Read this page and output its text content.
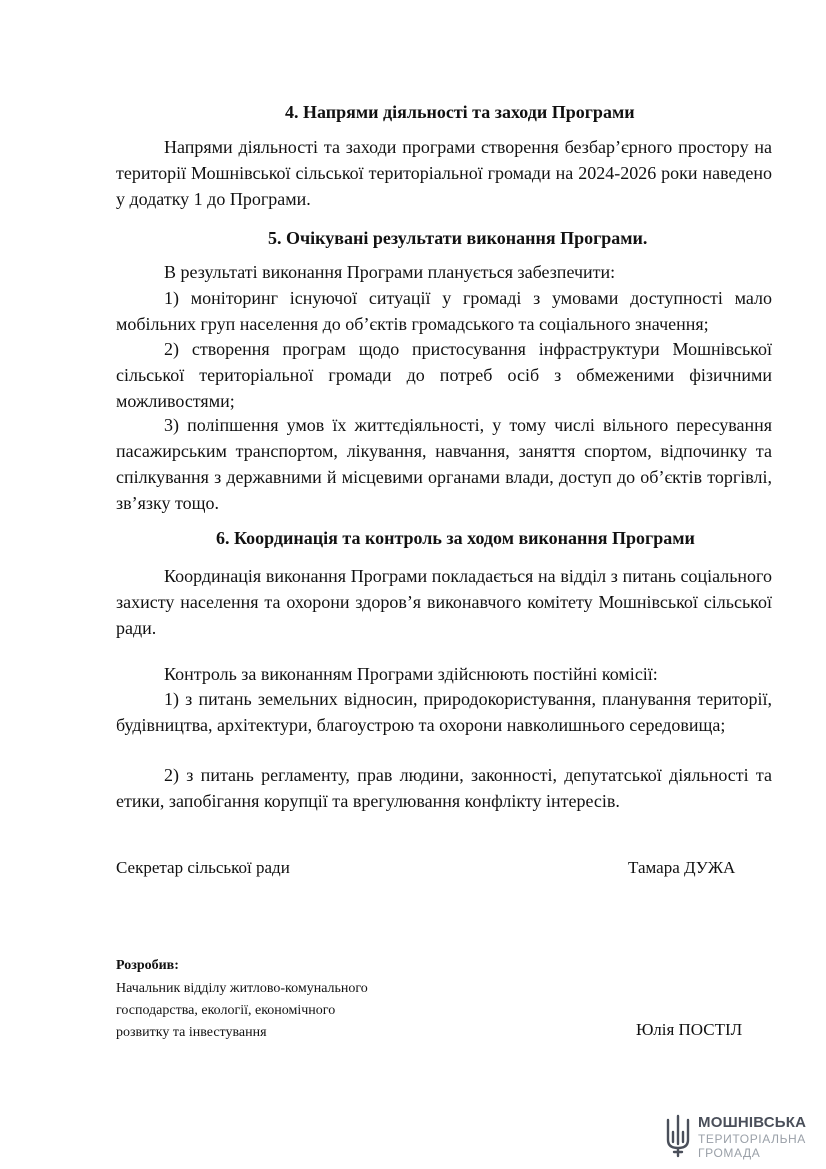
4. Напрями діяльності та заходи Програми

Напрями діяльності та заходи програми створення безбар’єрного простору на території Мошнівської сільської територіальної громади на 2024-2026 роки наведено у додатку 1 до Програми.

5. Очікувані результати виконання Програми.

В результаті виконання Програми планується забезпечити:

1) моніторинг існуючої ситуації у громаді з умовами доступності мало мобільних груп населення до об’єктів громадського та соціального значення;

2) створення програм щодо пристосування інфраструктури Мошнівської сільської територіальної громади до потреб осіб з обмеженими фізичними можливостями;

3) поліпшення умов їх життєдіяльності, у тому числі вільного пересування пасажирським транспортом, лікування, навчання, заняття спортом, відпочинку та спілкування з державними й місцевими органами влади, доступ до об’єктів торгівлі, зв’язку тощо.

6. Координація та контроль за ходом виконання Програми

Координація виконання Програми покладається на відділ з питань соціального захисту населення та охорони здоров’я виконавчого комітету Мошнівської сільської ради.

Контроль за виконанням Програми здійснюють постійні комісії:

1) з питань земельних відносин, природокористування, планування території, будівництва, архітектури, благоустрою та охорони навколишнього середовища;

2) з питань регламенту, прав людини, законності, депутатської діяльності та етики, запобігання корупції та врегулювання конфлікту інтересів.

Секретар сільської ради	Тамара ДУЖА

Розробив:

Начальник відділу житлово-комунального

господарства, екології, економічного

розвитку та інвестування	Юлія ПОСТІЛ

МОШНІВСЬКА
ТЕРИТОРІАЛЬНА
ГРОМАДА
